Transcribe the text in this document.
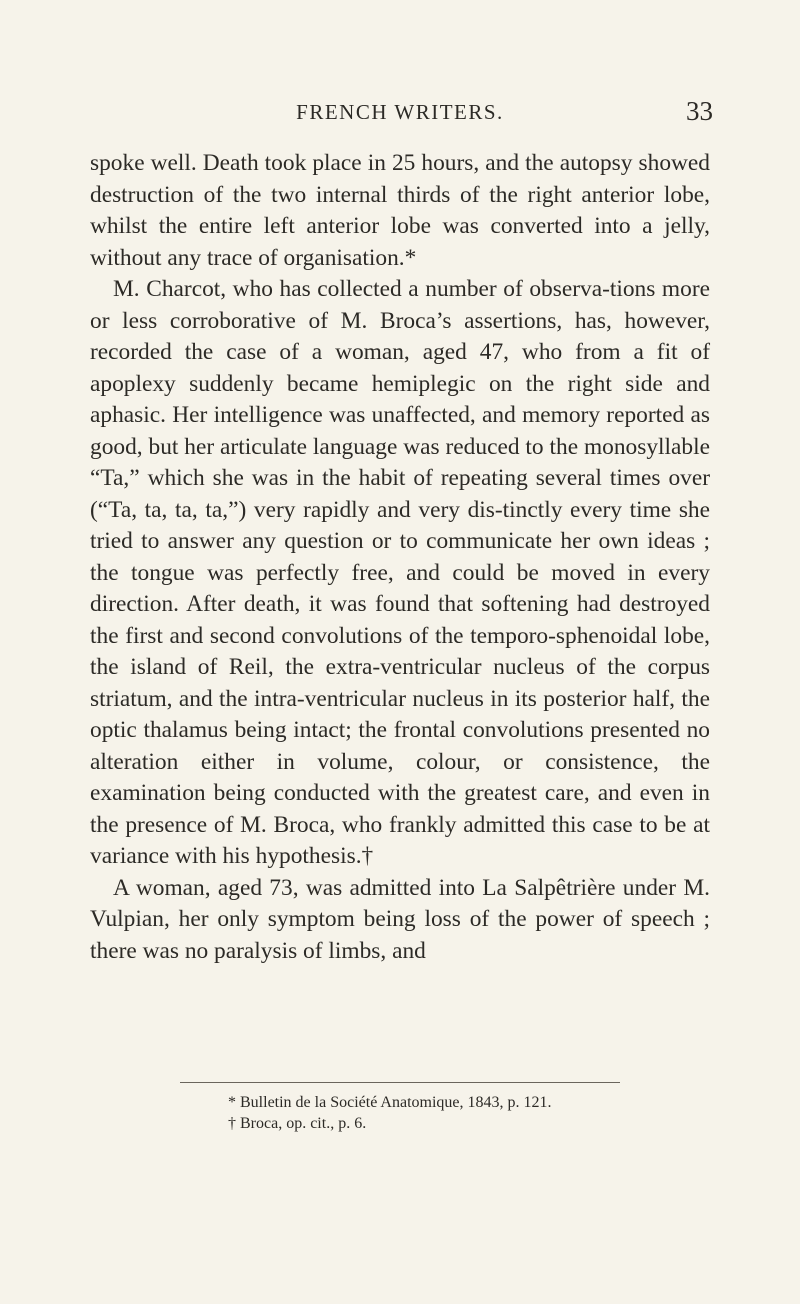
FRENCH WRITERS.	33

spoke well. Death took place in 25 hours, and the autopsy showed destruction of the two internal thirds of the right anterior lobe, whilst the entire left anterior lobe was converted into a jelly, without any trace of organisation.*

M. Charcot, who has collected a number of observa-tions more or less corroborative of M. Broca’s assertions, has, however, recorded the case of a woman, aged 47, who from a fit of apoplexy suddenly became hemiplegic on the right side and aphasic. Her intelligence was unaffected, and memory reported as good, but her articulate language was reduced to the monosyllable “Ta,” which she was in the habit of repeating several times over (“Ta, ta, ta, ta,”) very rapidly and very dis-tinctly every time she tried to answer any question or to communicate her own ideas ; the tongue was perfectly free, and could be moved in every direction. After death, it was found that softening had destroyed the first and second convolutions of the temporo-sphenoidal lobe, the island of Reil, the extra-ventricular nucleus of the corpus striatum, and the intra-ventricular nucleus in its posterior half, the optic thalamus being intact; the frontal convolutions presented no alteration either in volume, colour, or consistence, the examination being conducted with the greatest care, and even in the presence of M. Broca, who frankly admitted this case to be at variance with his hypothesis.†

A woman, aged 73, was admitted into La Salpêtrière under M. Vulpian, her only symptom being loss of the power of speech ; there was no paralysis of limbs, and

* Bulletin de la Société Anatomique, 1843, p. 121.

† Broca, op. cit., p. 6.
